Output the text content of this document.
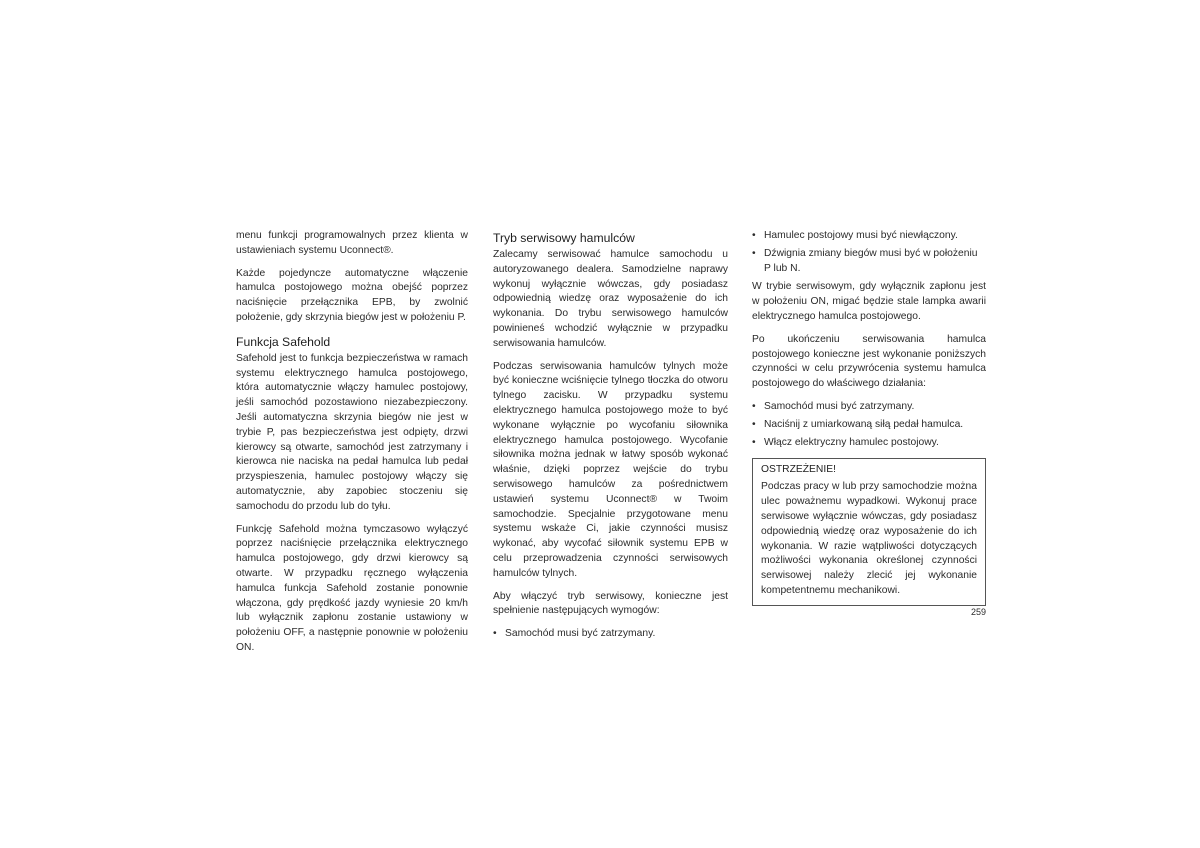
menu funkcji programowalnych przez klienta w ustawieniach systemu Uconnect®.

Każde pojedyncze automatyczne włączenie hamulca postojowego można obejść poprzez naciśnięcie przełącznika EPB, by zwolnić położenie, gdy skrzynia biegów jest w położeniu P.

Funkcja Safehold

Safehold jest to funkcja bezpieczeństwa w ramach systemu elektrycznego hamulca postojowego, która automatycznie włączy hamulec postojowy, jeśli samochód pozostawiono niezabezpieczony. Jeśli automatyczna skrzynia biegów nie jest w trybie P, pas bezpieczeństwa jest odpięty, drzwi kierowcy są otwarte, samochód jest zatrzymany i kierowca nie naciska na pedał hamulca lub pedał przyspieszenia, hamulec postojowy włączy się automatycznie, aby zapobiec stoczeniu się samochodu do przodu lub do tyłu.

Funkcję Safehold można tymczasowo wyłączyć poprzez naciśnięcie przełącznika elektrycznego hamulca postojowego, gdy drzwi kierowcy są otwarte. W przypadku ręcznego wyłączenia hamulca funkcja Safehold zostanie ponownie włączona, gdy prędkość jazdy wyniesie 20 km/h lub wyłącznik zapłonu zostanie ustawiony w położeniu OFF, a następnie ponownie w położeniu ON.

Tryb serwisowy hamulców

Zalecamy serwisować hamulce samochodu u autoryzowanego dealera. Samodzielne naprawy wykonuj wyłącznie wówczas, gdy posiadasz odpowiednią wiedzę oraz wyposażenie do ich wykonania. Do trybu serwisowego hamulców powinieneś wchodzić wyłącznie w przypadku serwisowania hamulców.

Podczas serwisowania hamulców tylnych może być konieczne wciśnięcie tylnego tłoczka do otworu tylnego zacisku. W przypadku systemu elektrycznego hamulca postojowego może to być wykonane wyłącznie po wycofaniu siłownika elektrycznego hamulca postojowego. Wycofanie siłownika można jednak w łatwy sposób wykonać właśnie, dzięki poprzez wejście do trybu serwisowego hamulców za pośrednictwem ustawień systemu Uconnect® w Twoim samochodzie. Specjalnie przygotowane menu systemu wskaże Ci, jakie czynności musisz wykonać, aby wycofać siłownik systemu EPB w celu przeprowadzenia czynności serwisowych hamulców tylnych.

Aby włączyć tryb serwisowy, konieczne jest spełnienie następujących wymogów:

• Samochód musi być zatrzymany.
• Hamulec postojowy musi być niewłączony.
• Dźwignia zmiany biegów musi być w położeniu P lub N.

W trybie serwisowym, gdy wyłącznik zapłonu jest w położeniu ON, migać będzie stale lampka awarii elektrycznego hamulca postojowego.

Po ukończeniu serwisowania hamulca postojowego konieczne jest wykonanie poniższych czynności w celu przywrócenia systemu hamulca postojowego do właściwego działania:

• Samochód musi być zatrzymany.
• Naciśnij z umiarkowaną siłą pedał hamulca.
• Włącz elektryczny hamulec postojowy.
OSTRZEŻENIE!

Podczas pracy w lub przy samochodzie można ulec poważnemu wypadkowi. Wykonuj prace serwisowe wyłącznie wówczas, gdy posiadasz odpowiednią wiedzę oraz wyposażenie do ich wykonania. W razie wątpliwości dotyczących możliwości wykonania określonej czynności serwisowej należy zlecić jej wykonanie kompetentnemu mechanikowi.

259
